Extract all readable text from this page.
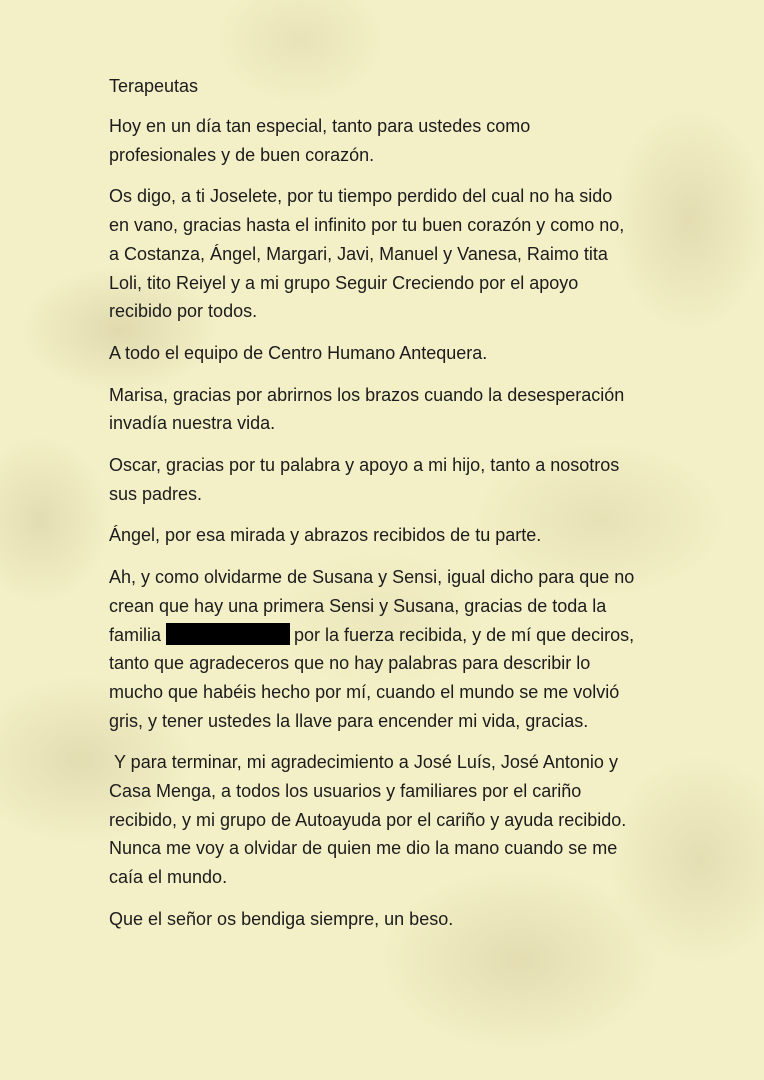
Terapeutas

Hoy en un día tan especial, tanto para ustedes como
profesionales y de buen corazón.

Os digo, a ti Joselete, por tu tiempo perdido del cual no ha sido
en vano, gracias hasta el infinito por tu buen corazón y como no,
a Costanza, Ángel, Margari, Javi, Manuel y Vanesa, Raimo tita
Loli, tito Reiyel y a mi grupo Seguir Creciendo por el apoyo
recibido por todos.

A todo el equipo de Centro Humano Antequera.

Marisa, gracias por abrirnos los brazos cuando la desesperación
invadía nuestra vida.

Oscar, gracias por tu palabra y apoyo a mi hijo, tanto a nosotros
sus padres.

Ángel, por esa mirada y abrazos recibidos de tu parte.

Ah, y como olvidarme de Susana y Sensi, igual dicho para que no
crean que hay una primera Sensi y Susana, gracias de toda la
familia	por la fuerza recibida, y de mí que deciros,
tanto que agradeceros que no hay palabras para describir lo
mucho que habéis hecho por mí, cuando el mundo se me volvió
gris, y tener ustedes la llave para encender mi vida, gracias.

Y para terminar, mi agradecimiento a José Luís, José Antonio y
Casa Menga, a todos los usuarios y familiares por el cariño
recibido, y mi grupo de Autoayuda por el cariño y ayuda recibido.
Nunca me voy a olvidar de quien me dio la mano cuando se me
caía el mundo.

Que el señor os bendiga siempre, un beso.
